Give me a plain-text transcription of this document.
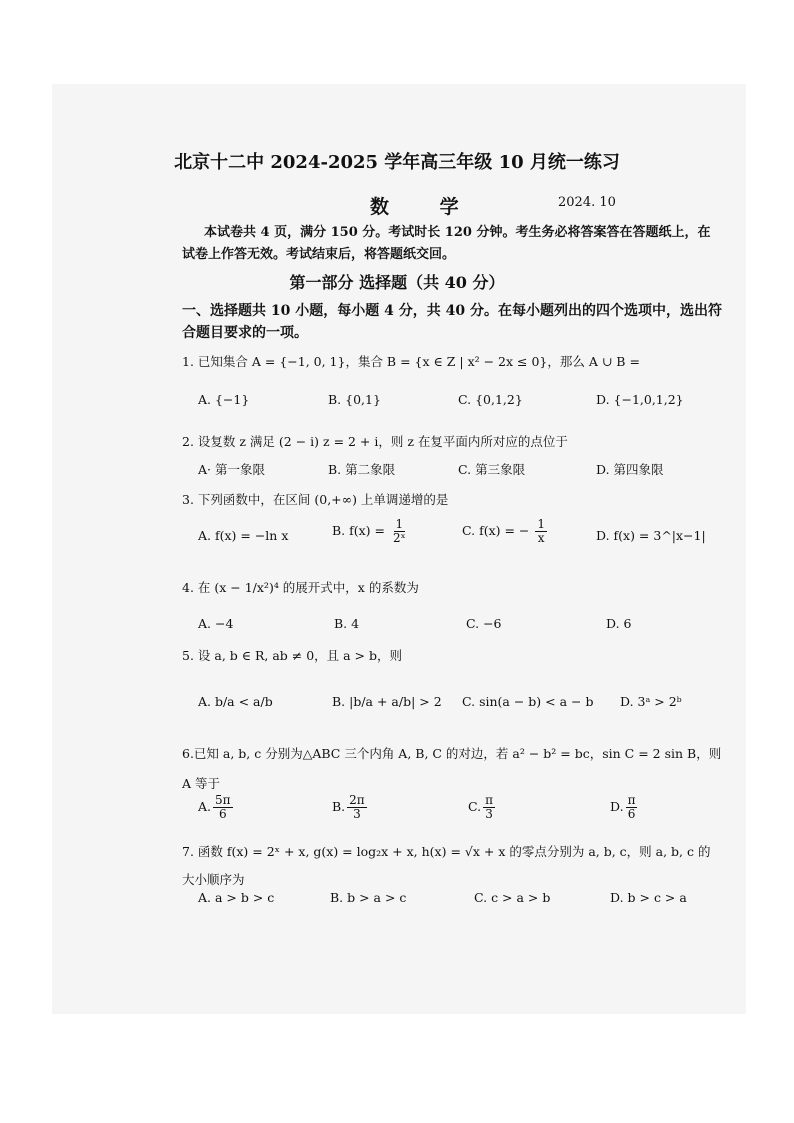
北京十二中 2024-2025 学年高三年级 10 月统一练习
数 学	2024. 10
本试卷共 4 页，满分 150 分。考试时长 120 分钟。考生务必将答案答在答题纸上，在试卷上作答无效。考试结束后，将答题纸交回。
第一部分 选择题（共 40 分）
一、选择题共 10 小题，每小题 4 分，共 40 分。在每小题列出的四个选项中，选出符合题目要求的一项。
1. 已知集合 A = {−1, 0, 1}，集合 B = {x ∈ Z | x² − 2x ≤ 0}，那么 A ∪ B =
A. {−1}	B. {0,1}	C. {0,1,2}	D. {−1,0,1,2}
2. 设复数 z 满足 (2 − i) z = 2 + i，则 z 在复平面内所对应的点位于
A· 第一象限	B. 第二象限	C. 第三象限	D. 第四象限
3. 下列函数中，在区间 (0,+∞) 上单调递增的是
A. f(x) = −ln x	B. $f(x) = \frac{1}{\text{2ˣ}}$	C. f(x) = − $\frac{1}{x}$	D. f(x) = 3^|x−1|
4. 在 (x − 1/x²)⁴ 的展开式中，x 的系数为
A. −4	B. 4	C. −6	D. 6
5. 设 a, b ∈ R, ab ≠ 0，且 a > b，则
A. b/a < a/b	B. |b/a + a/b| > 2 C. sin(a − b) < a − b D. 3ᵃ > 2ᵇ
6.已知 a, b, c 分别为△ABC 三个内角 A, B, C 的对边，若 a² − b² = bc，sin C = 2 sin B，则
A 等于
A. $\frac{5\pi}{6}$	B. $\frac{2\pi}{3}$	C. $\frac{\pi}{3}$	D. $\frac{\pi}{6}$
7. 函数 f(x) = 2ˣ + x, g(x) = log₂x + x, h(x) = √x + x 的零点分别为 a, b, c，则 a, b, c 的
大小顺序为
A. a > b > c	B. b > a > c	C. c > a > b	D. b > c > a
